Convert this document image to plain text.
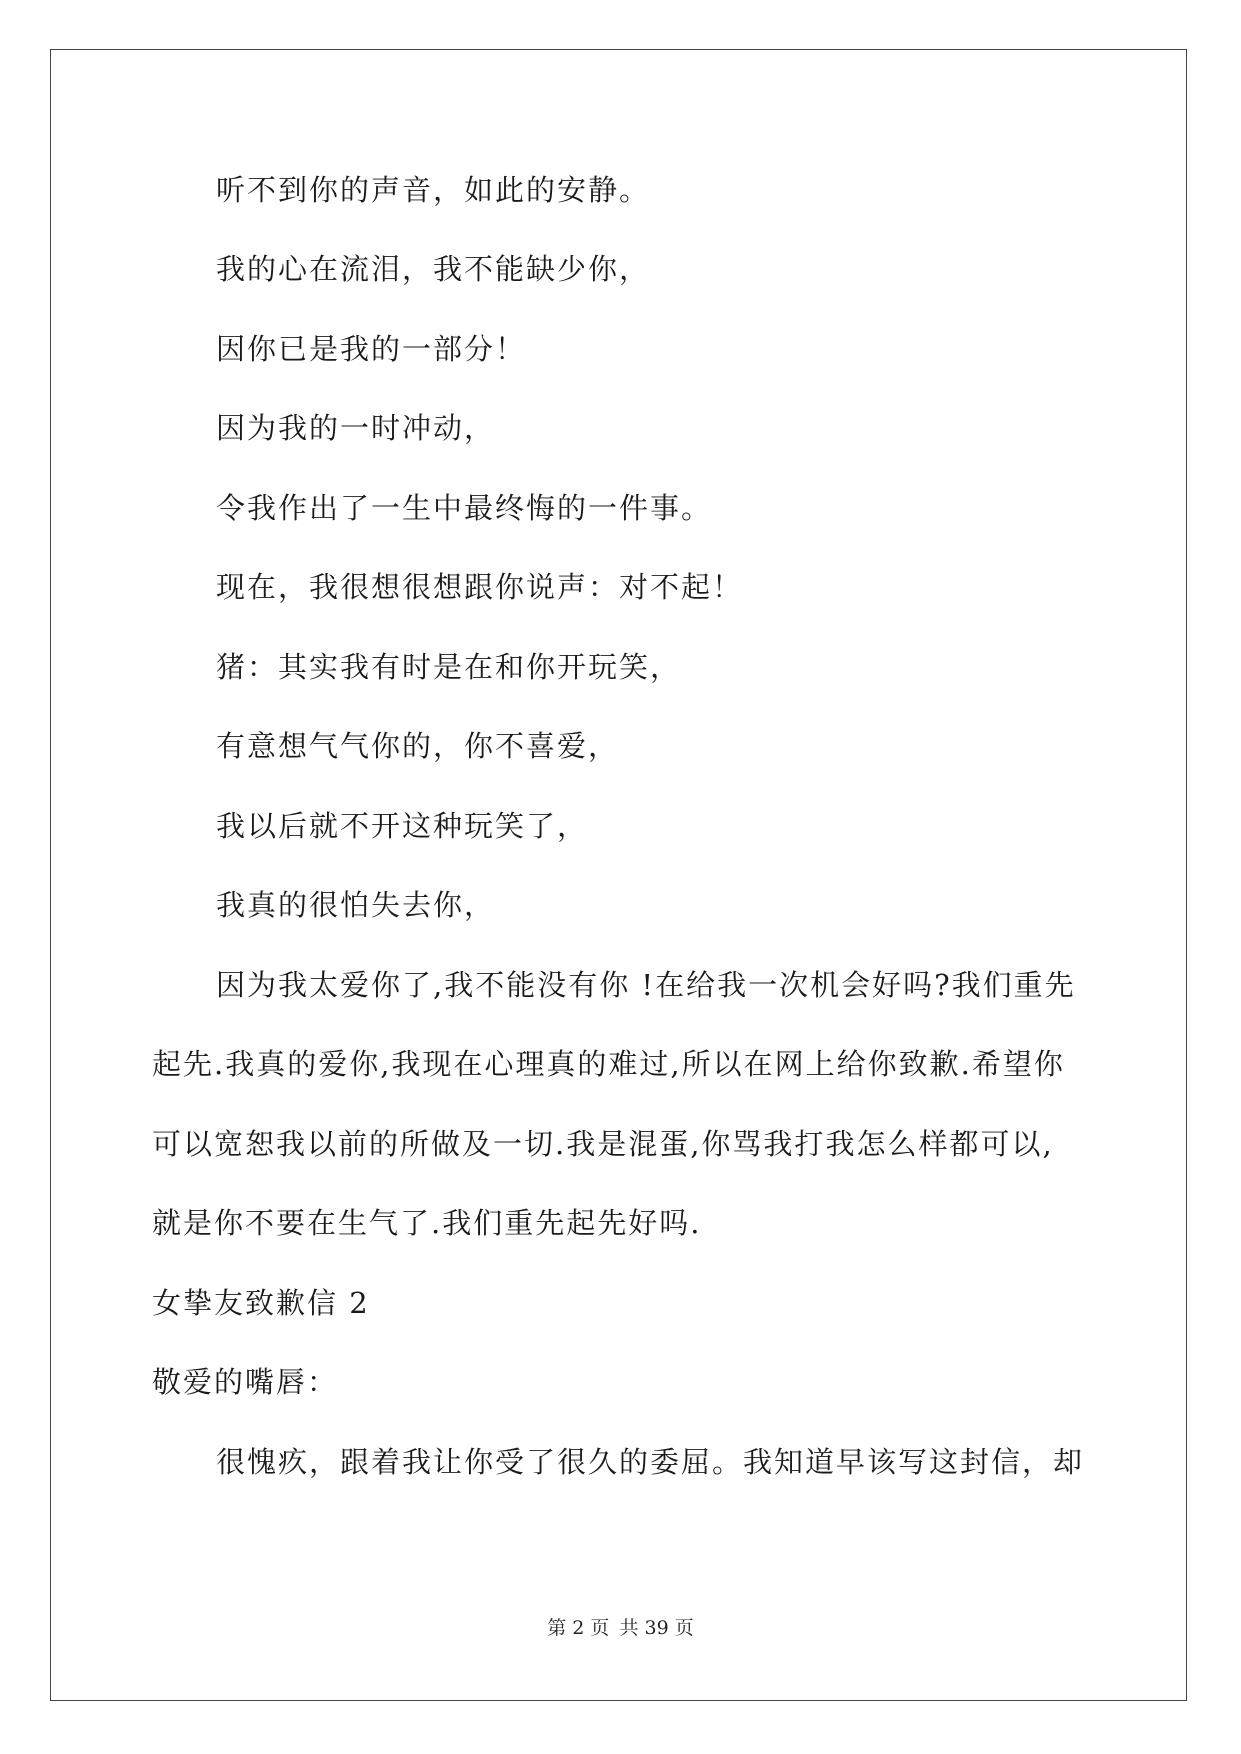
听不到你的声音，如此的安静。
我的心在流泪，我不能缺少你，
因你已是我的一部分！
因为我的一时冲动，
令我作出了一生中最终悔的一件事。
现在，我很想很想跟你说声：对不起！
猪：其实我有时是在和你开玩笑，
有意想气气你的，你不喜爱，
我以后就不开这种玩笑了，
我真的很怕失去你，
因为我太爱你了,我不能没有你 !在给我一次机会好吗?我们重先
起先.我真的爱你,我现在心理真的难过,所以在网上给你致歉.希望你
可以宽恕我以前的所做及一切.我是混蛋,你骂我打我怎么样都可以,
就是你不要在生气了.我们重先起先好吗.
女挚友致歉信 2
敬爱的嘴唇：
很愧疚，跟着我让你受了很久的委屈。我知道早该写这封信，却
第 2 页 共 39 页
